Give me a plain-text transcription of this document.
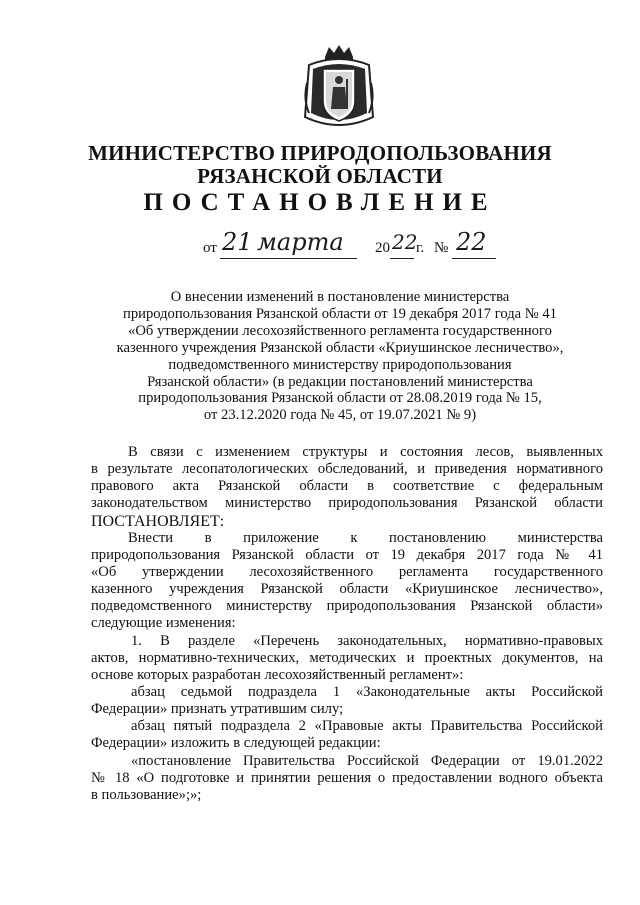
МИНИСТЕРСТВО ПРИРОДОПОЛЬЗОВАНИЯ
РЯЗАНСКОЙ ОБЛАСТИ
ПОСТАНОВЛЕНИЕ
от 21 марта 20 22
г. № 22
О внесении изменений в постановление министерства
природопользования Рязанской области от 19 декабря 2017 года № 41
«Об утверждении лесохозяйственного регламента государственного
казенного учреждения Рязанской области «Криушинское лесничество»,
подведомственного министерству природопользования
Рязанской области» (в редакции постановлений министерства
природопользования Рязанской области от 28.08.2019 года № 15,
от 23.12.2020 года № 45, от 19.07.2021 № 9)
В связи с изменением структуры и состояния лесов, выявленных
в результате лесопатологических обследований, и приведения нормативного
правового акта Рязанской области в соответствие с федеральным
законодательством министерство природопользования Рязанской области
ПОСТАНОВЛЯЕТ:
Внести в приложение к постановлению министерства
природопользования Рязанской области от 19 декабря 2017 года № 41
«Об утверждении лесохозяйственного регламента государственного
казенного учреждения Рязанской области «Криушинское лесничество»,
подведомственного министерству природопользования Рязанской области»
следующие изменения:
1. В разделе «Перечень законодательных, нормативно-правовых
актов, нормативно-технических, методических и проектных документов, на
основе которых разработан лесохозяйственный регламент»:
абзац седьмой подраздела 1 «Законодательные акты Российской
Федерации» признать утратившим силу;
абзац пятый подраздела 2 «Правовые акты Правительства Российской
Федерации» изложить в следующей редакции:
«постановление Правительства Российской Федерации от 19.01.2022
№ 18 «О подготовке и принятии решения о предоставлении водного объекта
в пользование»;»;
